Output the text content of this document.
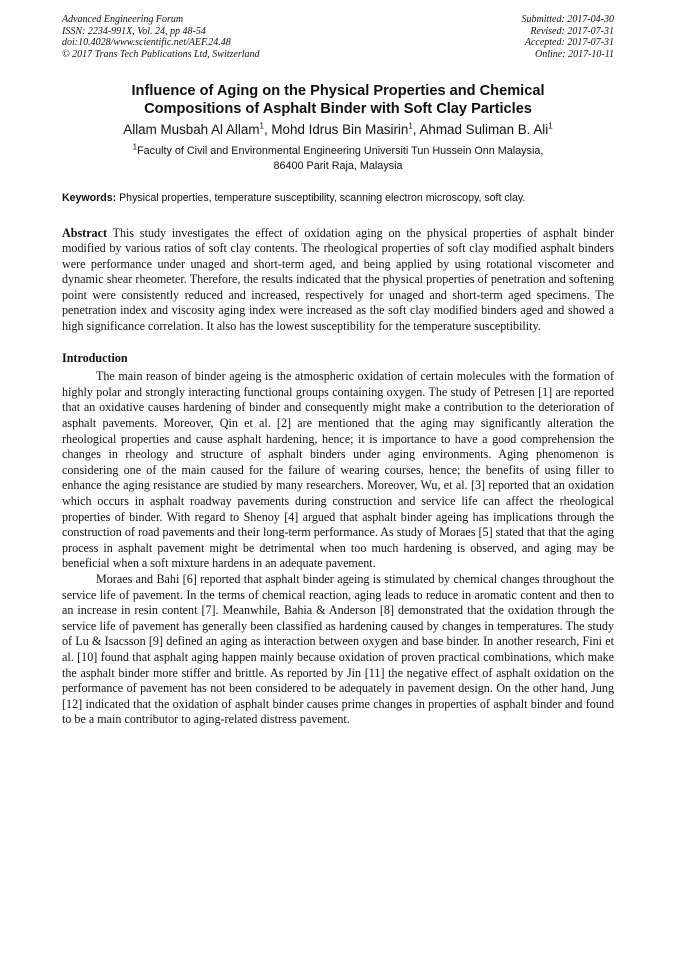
Advanced Engineering Forum
ISSN: 2234-991X, Vol. 24, pp 48-54
doi:10.4028/www.scientific.net/AEF.24.48
© 2017 Trans Tech Publications Ltd, Switzerland
Submitted: 2017-04-30
Revised: 2017-07-31
Accepted: 2017-07-31
Online: 2017-10-11
Influence of Aging on the Physical Properties and Chemical
Compositions of Asphalt Binder with Soft Clay Particles
Allam Musbah Al Allam$^1$, Mohd Idrus Bin Masirin$^1$, Ahmad Suliman B. Ali$^1$
$^1$Faculty of Civil and Environmental Engineering Universiti Tun Hussein Onn Malaysia,
86400 Parit Raja, Malaysia
Keywords: Physical properties, temperature susceptibility, scanning electron microscopy, soft clay.
Abstract This study investigates the effect of oxidation aging on the physical properties of asphalt binder modified by various ratios of soft clay contents. The rheological properties of soft clay modified asphalt binders were performance under unaged and short-term aged, and being applied by using rotational viscometer and dynamic shear rheometer. Therefore, the results indicated that the physical properties of penetration and softening point were consistently reduced and increased, respectively for unaged and short-term aged specimens. The penetration index and viscosity aging index were increased as the soft clay modified binders aged and showed a high significance correlation. It also has the lowest susceptibility for the temperature susceptibility.
Introduction

The main reason of binder ageing is the atmospheric oxidation of certain molecules with the formation of highly polar and strongly interacting functional groups containing oxygen. The study of Petresen [1] are reported that an oxidative causes hardening of binder and consequently might make a contribution to the deterioration of asphalt pavements. Moreover, Qin et al. [2] are mentioned that the aging may significantly alteration the rheological properties and cause asphalt hardening, hence; it is importance to have a good comprehension the changes in rheology and structure of asphalt binders under aging environments. Aging phenomenon is considering one of the main caused for the failure of wearing courses, hence; the benefits of using filler to enhance the aging resistance are studied by many researchers. Moreover, Wu, et al. [3] reported that an oxidation which occurs in asphalt roadway pavements during construction and service life can affect the rheological properties of binder. With regard to Shenoy [4] argued that asphalt binder ageing has implications through the construction of road pavements and their long-term performance. As study of Moraes [5] stated that that the aging process in asphalt pavement might be detrimental when too much hardening is observed, and aging may be beneficial when a soft mixture hardens in an adequate pavement.

Moraes and Bahi [6] reported that asphalt binder ageing is stimulated by chemical changes throughout the service life of pavement. In the terms of chemical reaction, aging leads to reduce in aromatic content and then to an increase in resin content [7]. Meanwhile, Bahia & Anderson [8] demonstrated that the oxidation through the service life of pavement has generally been classified as hardening caused by changes in temperatures. The study of Lu & Isacsson [9] defined an aging as interaction between oxygen and base binder. In another research, Fini et al. [10] found that asphalt aging happen mainly because oxidation of proven practical combinations, which make the asphalt binder more stiffer and brittle. As reported by Jin [11] the negative effect of asphalt oxidation on the performance of pavement has not been considered to be adequately in pavement design. On the other hand, Jung [12] indicated that the oxidation of asphalt binder causes prime changes in properties of asphalt binder and found to be a main contributor to aging-related distress pavement.
